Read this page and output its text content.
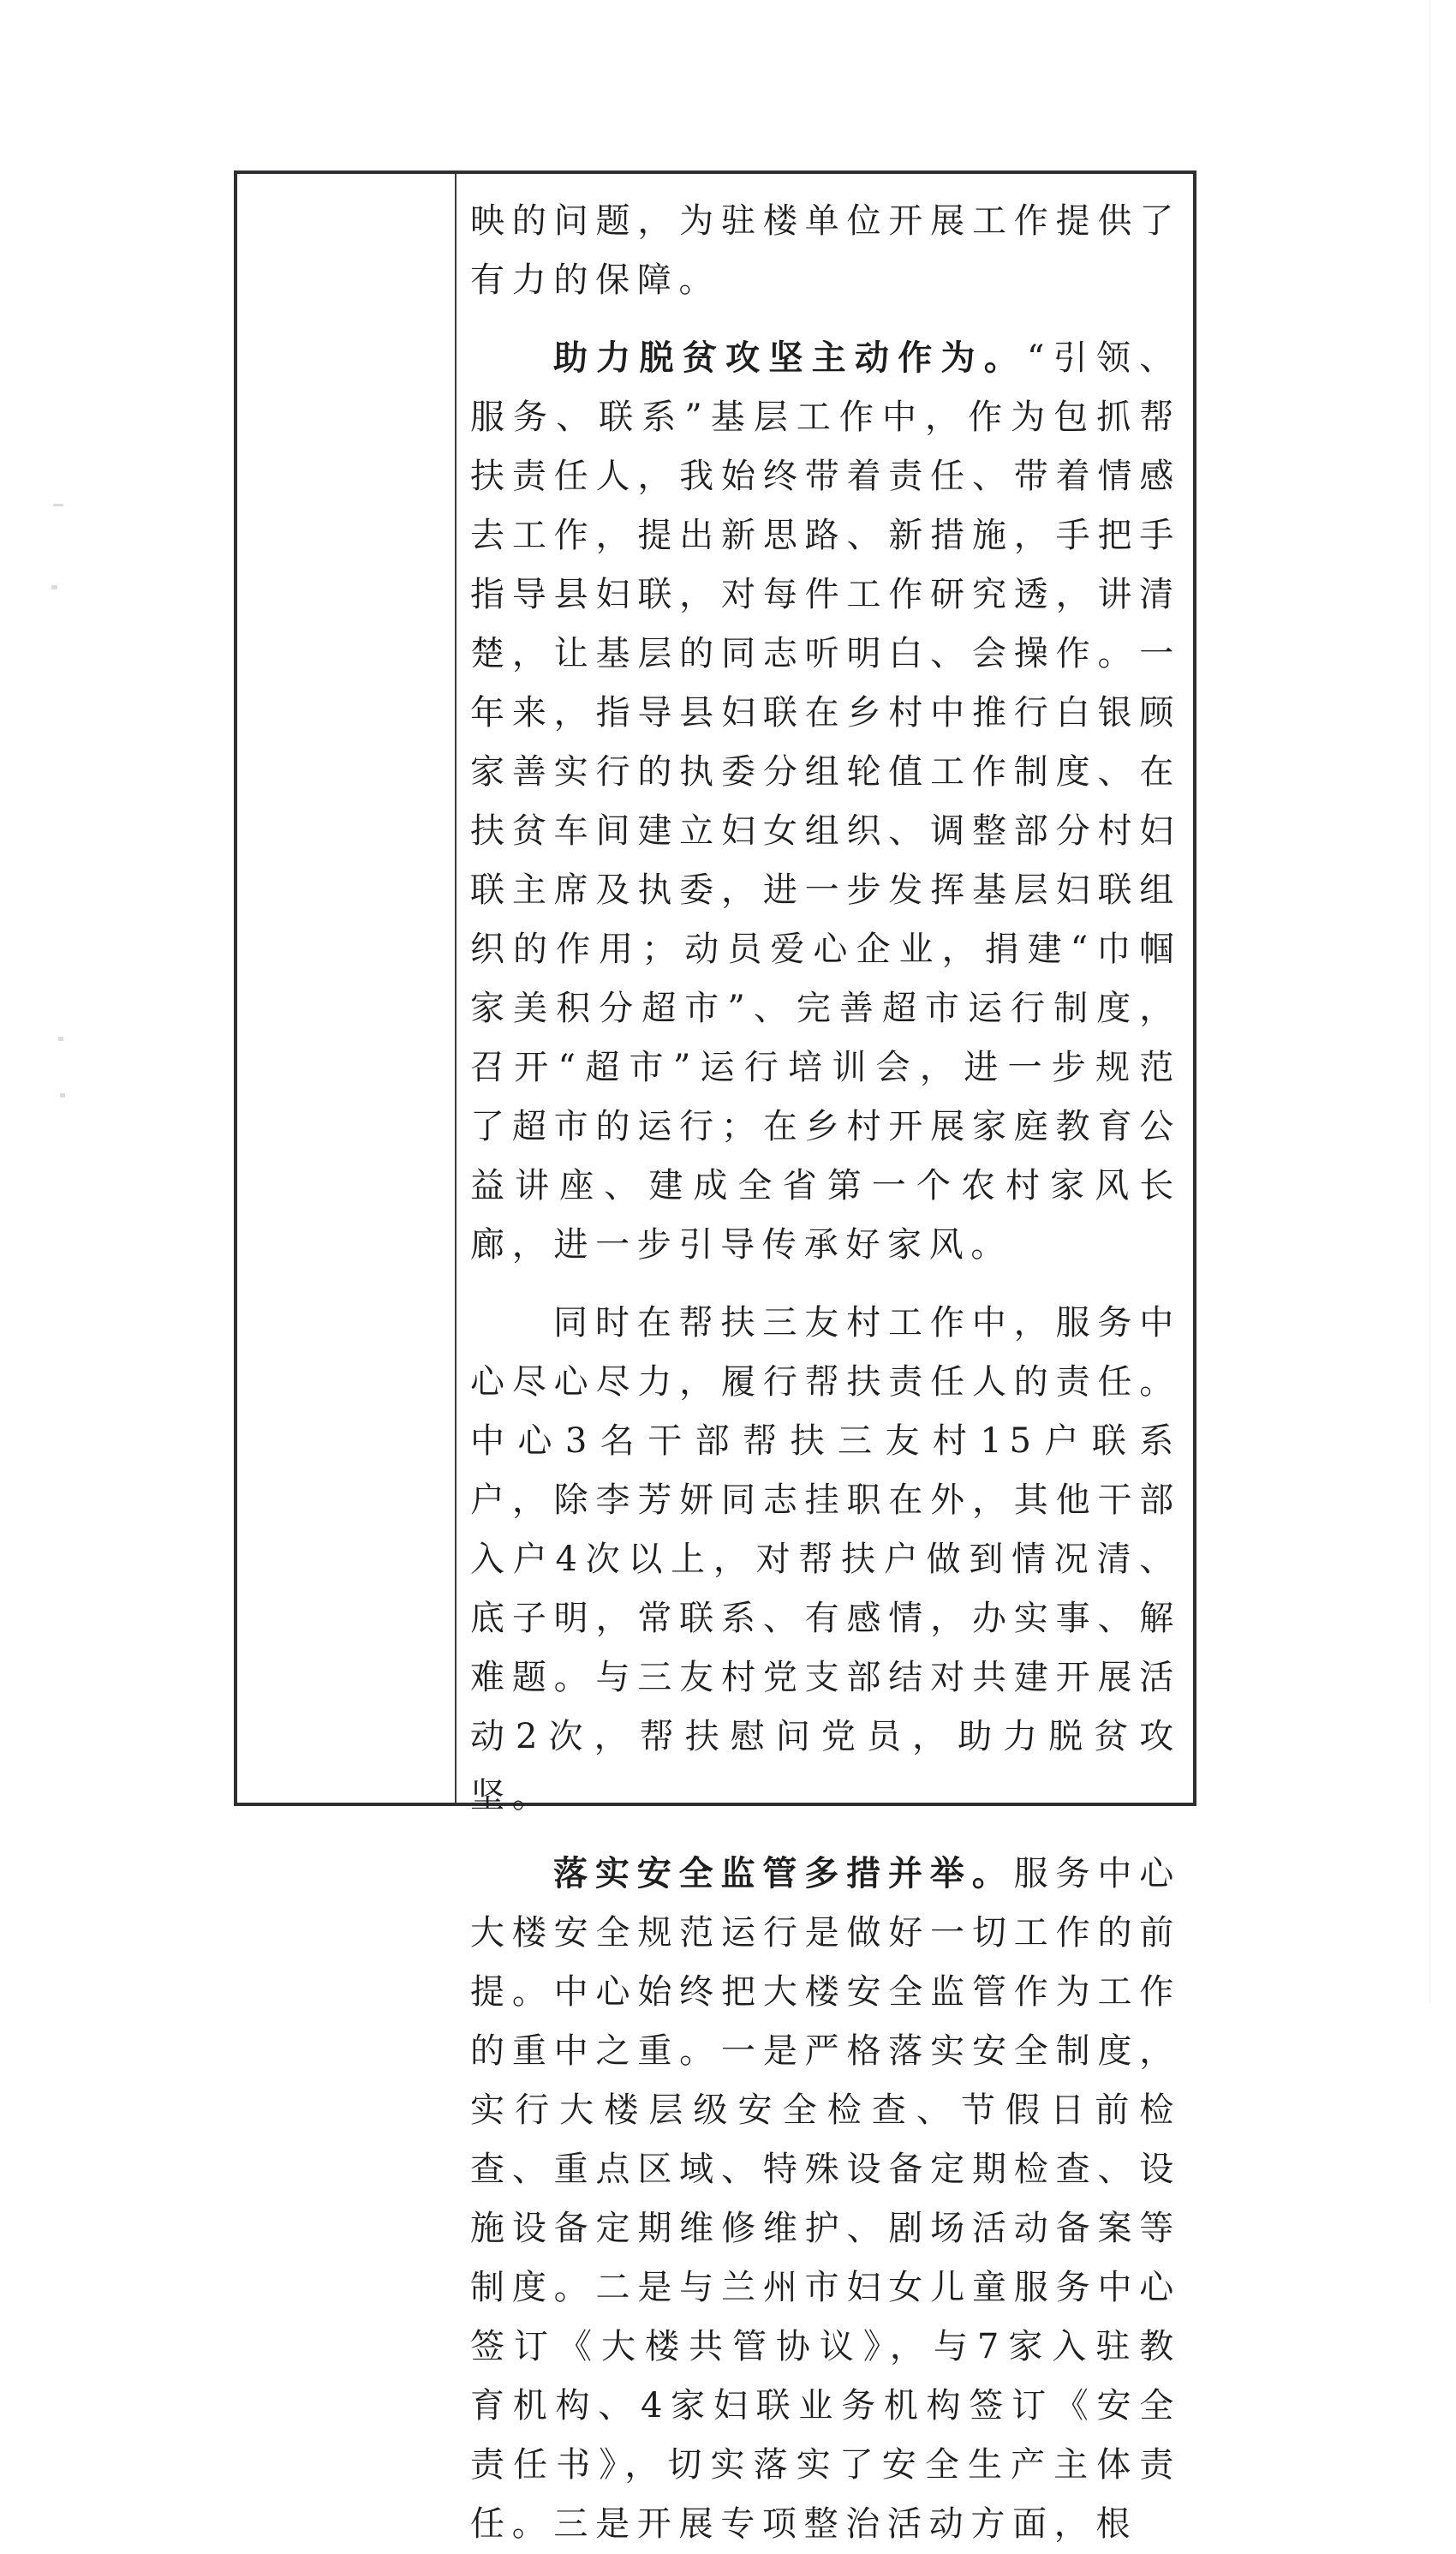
映的问题，为驻楼单位开展工作提供了有力的保障。

助力脱贫攻坚主动作为。“引领、服务、联系”基层工作中，作为包抓帮扶责任人，我始终带着责任、带着情感去工作，提出新思路、新措施，手把手指导县妇联，对每件工作研究透，讲清楚，让基层的同志听明白、会操作。一年来，指导县妇联在乡村中推行白银顾家善实行的执委分组轮值工作制度、在扶贫车间建立妇女组织、调整部分村妇联主席及执委，进一步发挥基层妇联组织的作用；动员爱心企业，捐建“巾帼家美积分超市”、完善超市运行制度，召开“超市”运行培训会，进一步规范了超市的运行；在乡村开展家庭教育公益讲座、建成全省第一个农村家风长廊，进一步引导传承好家风。

同时在帮扶三友村工作中，服务中心尽心尽力，履行帮扶责任人的责任。中心3名干部帮扶三友村15户联系户，除李芳妍同志挂职在外，其他干部入户4次以上，对帮扶户做到情况清、底子明，常联系、有感情，办实事、解难题。与三友村党支部结对共建开展活动2次，帮扶慰问党员，助力脱贫攻坚。

落实安全监管多措并举。服务中心大楼安全规范运行是做好一切工作的前提。中心始终把大楼安全监管作为工作的重中之重。一是严格落实安全制度，实行大楼层级安全检查、节假日前检查、重点区域、特殊设备定期检查、设施设备定期维修维护、剧场活动备案等制度。二是与兰州市妇女儿童服务中心签订《大楼共管协议》，与7家入驻教育机构、4家妇联业务机构签订《安全责任书》，切实落实了安全生产主体责任。三是开展专项整治活动方面，根
